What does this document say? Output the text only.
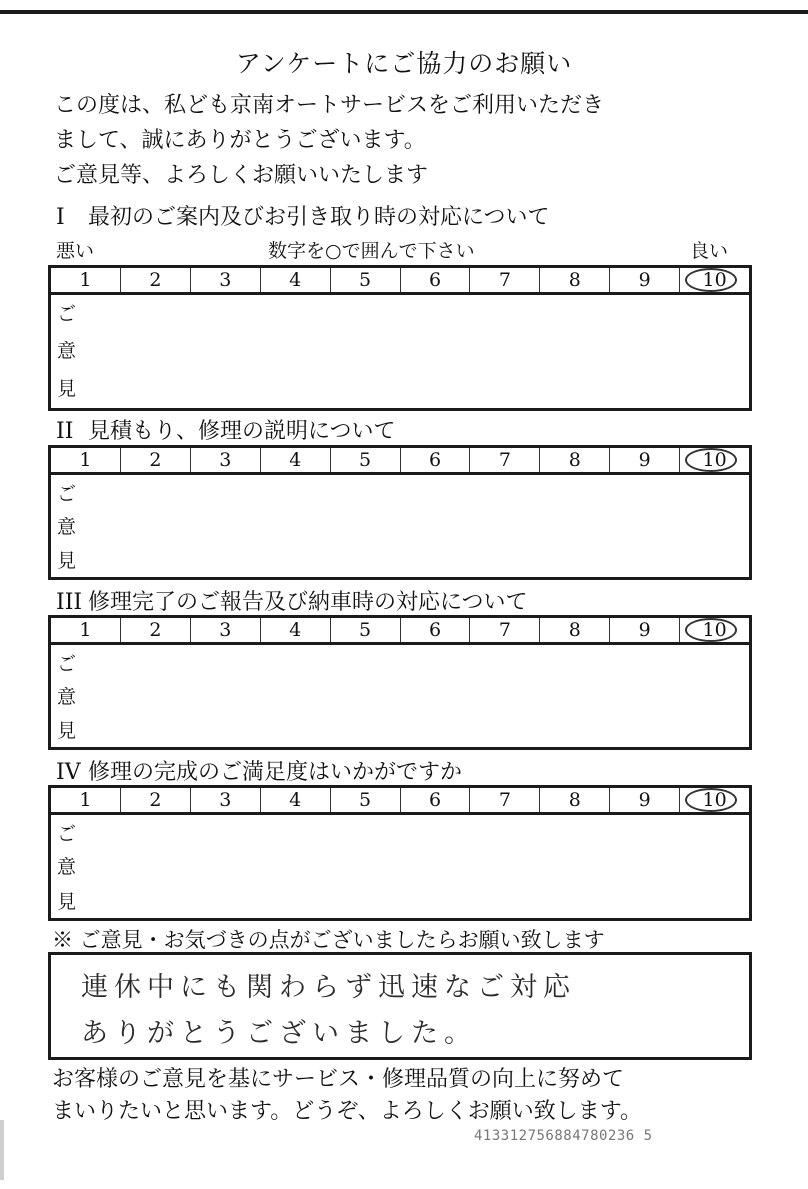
アンケートにご協力のお願い
この度は、私ども京南オートサービスをご利用いただき
まして、誠にありがとうございます。
ご意見等、よろしくお願いいたします
I 最初のご案内及びお引き取り時の対応について
悪い	数字を○で囲んで下さい	良い
1	2	3	4	5	6	7	8	9	10
ご
意
見
II 見積もり、修理の説明について
1	2	3	4	5	6	7	8	9	10
ご
意
見
III 修理完了のご報告及び納車時の対応について
1	2	3	4	5	6	7	8	9	10
ご
意
見
IV 修理の完成のご満足度はいかがですか
1	2	3	4	5	6	7	8	9	10
ご
意
見
※ ご意見・お気づきの点がございましたらお願い致します
連休中にも関わらず迅速なご対応
ありがとうございました。
お客様のご意見を基にサービス・修理品質の向上に努めて
まいりたいと思います。どうぞ、よろしくお願い致します。
413312756884780236 5
